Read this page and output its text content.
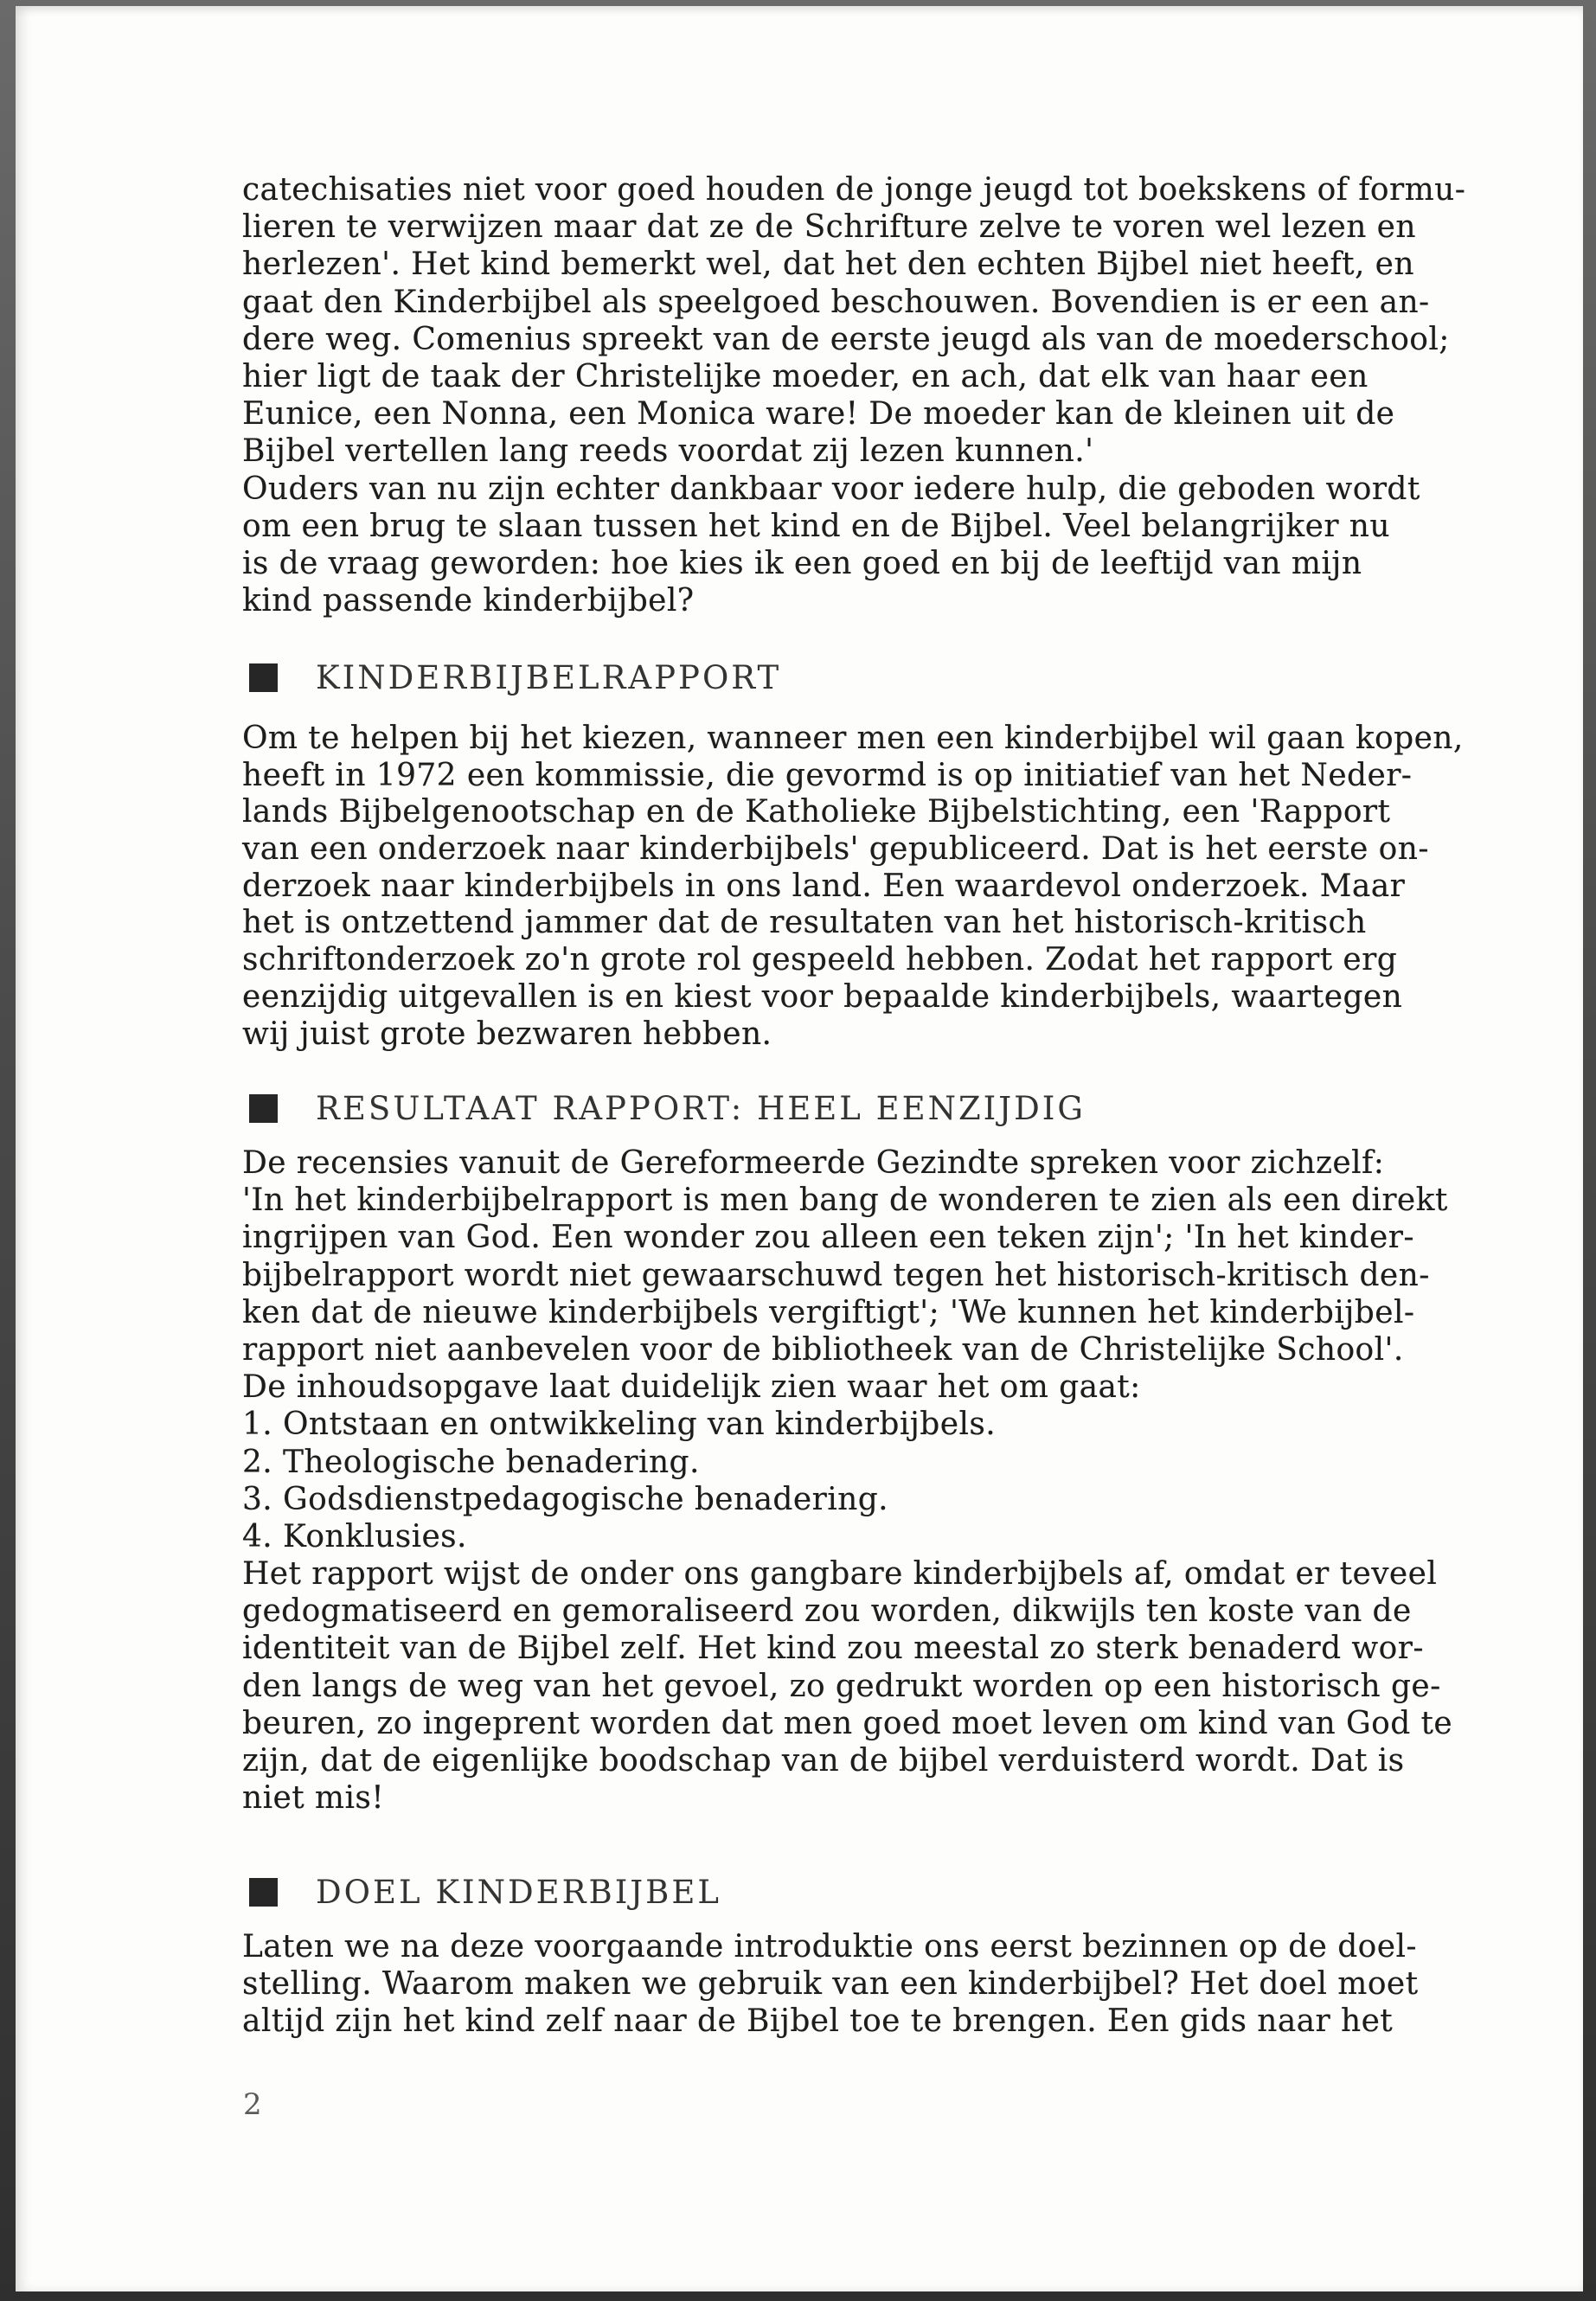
catechisaties niet voor goed houden de jonge jeugd tot boekskens of formu-
lieren te verwijzen maar dat ze de Schrifture zelve te voren wel lezen en
herlezen'. Het kind bemerkt wel, dat het den echten Bijbel niet heeft, en
gaat den Kinderbijbel als speelgoed beschouwen. Bovendien is er een an-
dere weg. Comenius spreekt van de eerste jeugd als van de moederschool;
hier ligt de taak der Christelijke moeder, en ach, dat elk van haar een
Eunice, een Nonna, een Monica ware! De moeder kan de kleinen uit de
Bijbel vertellen lang reeds voordat zij lezen kunnen.'
Ouders van nu zijn echter dankbaar voor iedere hulp, die geboden wordt
om een brug te slaan tussen het kind en de Bijbel. Veel belangrijker nu
is de vraag geworden: hoe kies ik een goed en bij de leeftijd van mijn
kind passende kinderbijbel?
KINDERBIJBELRAPPORT
Om te helpen bij het kiezen, wanneer men een kinderbijbel wil gaan kopen,
heeft in 1972 een kommissie, die gevormd is op initiatief van het Neder-
lands Bijbelgenootschap en de Katholieke Bijbelstichting, een 'Rapport
van een onderzoek naar kinderbijbels' gepubliceerd. Dat is het eerste on-
derzoek naar kinderbijbels in ons land. Een waardevol onderzoek. Maar
het is ontzettend jammer dat de resultaten van het historisch-kritisch
schriftonderzoek zo'n grote rol gespeeld hebben. Zodat het rapport erg
eenzijdig uitgevallen is en kiest voor bepaalde kinderbijbels, waartegen
wij juist grote bezwaren hebben.
RESULTAAT RAPPORT: HEEL EENZIJDIG
De recensies vanuit de Gereformeerde Gezindte spreken voor zichzelf:
'In het kinderbijbelrapport is men bang de wonderen te zien als een direkt
ingrijpen van God. Een wonder zou alleen een teken zijn'; 'In het kinder-
bijbelrapport wordt niet gewaarschuwd tegen het historisch-kritisch den-
ken dat de nieuwe kinderbijbels vergiftigt'; 'We kunnen het kinderbijbel-
rapport niet aanbevelen voor de bibliotheek van de Christelijke School'.
De inhoudsopgave laat duidelijk zien waar het om gaat:
1. Ontstaan en ontwikkeling van kinderbijbels.
2. Theologische benadering.
3. Godsdienstpedagogische benadering.
4. Konklusies.
Het rapport wijst de onder ons gangbare kinderbijbels af, omdat er teveel
gedogmatiseerd en gemoraliseerd zou worden, dikwijls ten koste van de
identiteit van de Bijbel zelf. Het kind zou meestal zo sterk benaderd wor-
den langs de weg van het gevoel, zo gedrukt worden op een historisch ge-
beuren, zo ingeprent worden dat men goed moet leven om kind van God te
zijn, dat de eigenlijke boodschap van de bijbel verduisterd wordt. Dat is
niet mis!
DOEL KINDERBIJBEL
Laten we na deze voorgaande introduktie ons eerst bezinnen op de doel-
stelling. Waarom maken we gebruik van een kinderbijbel? Het doel moet
altijd zijn het kind zelf naar de Bijbel toe te brengen. Een gids naar het
2
